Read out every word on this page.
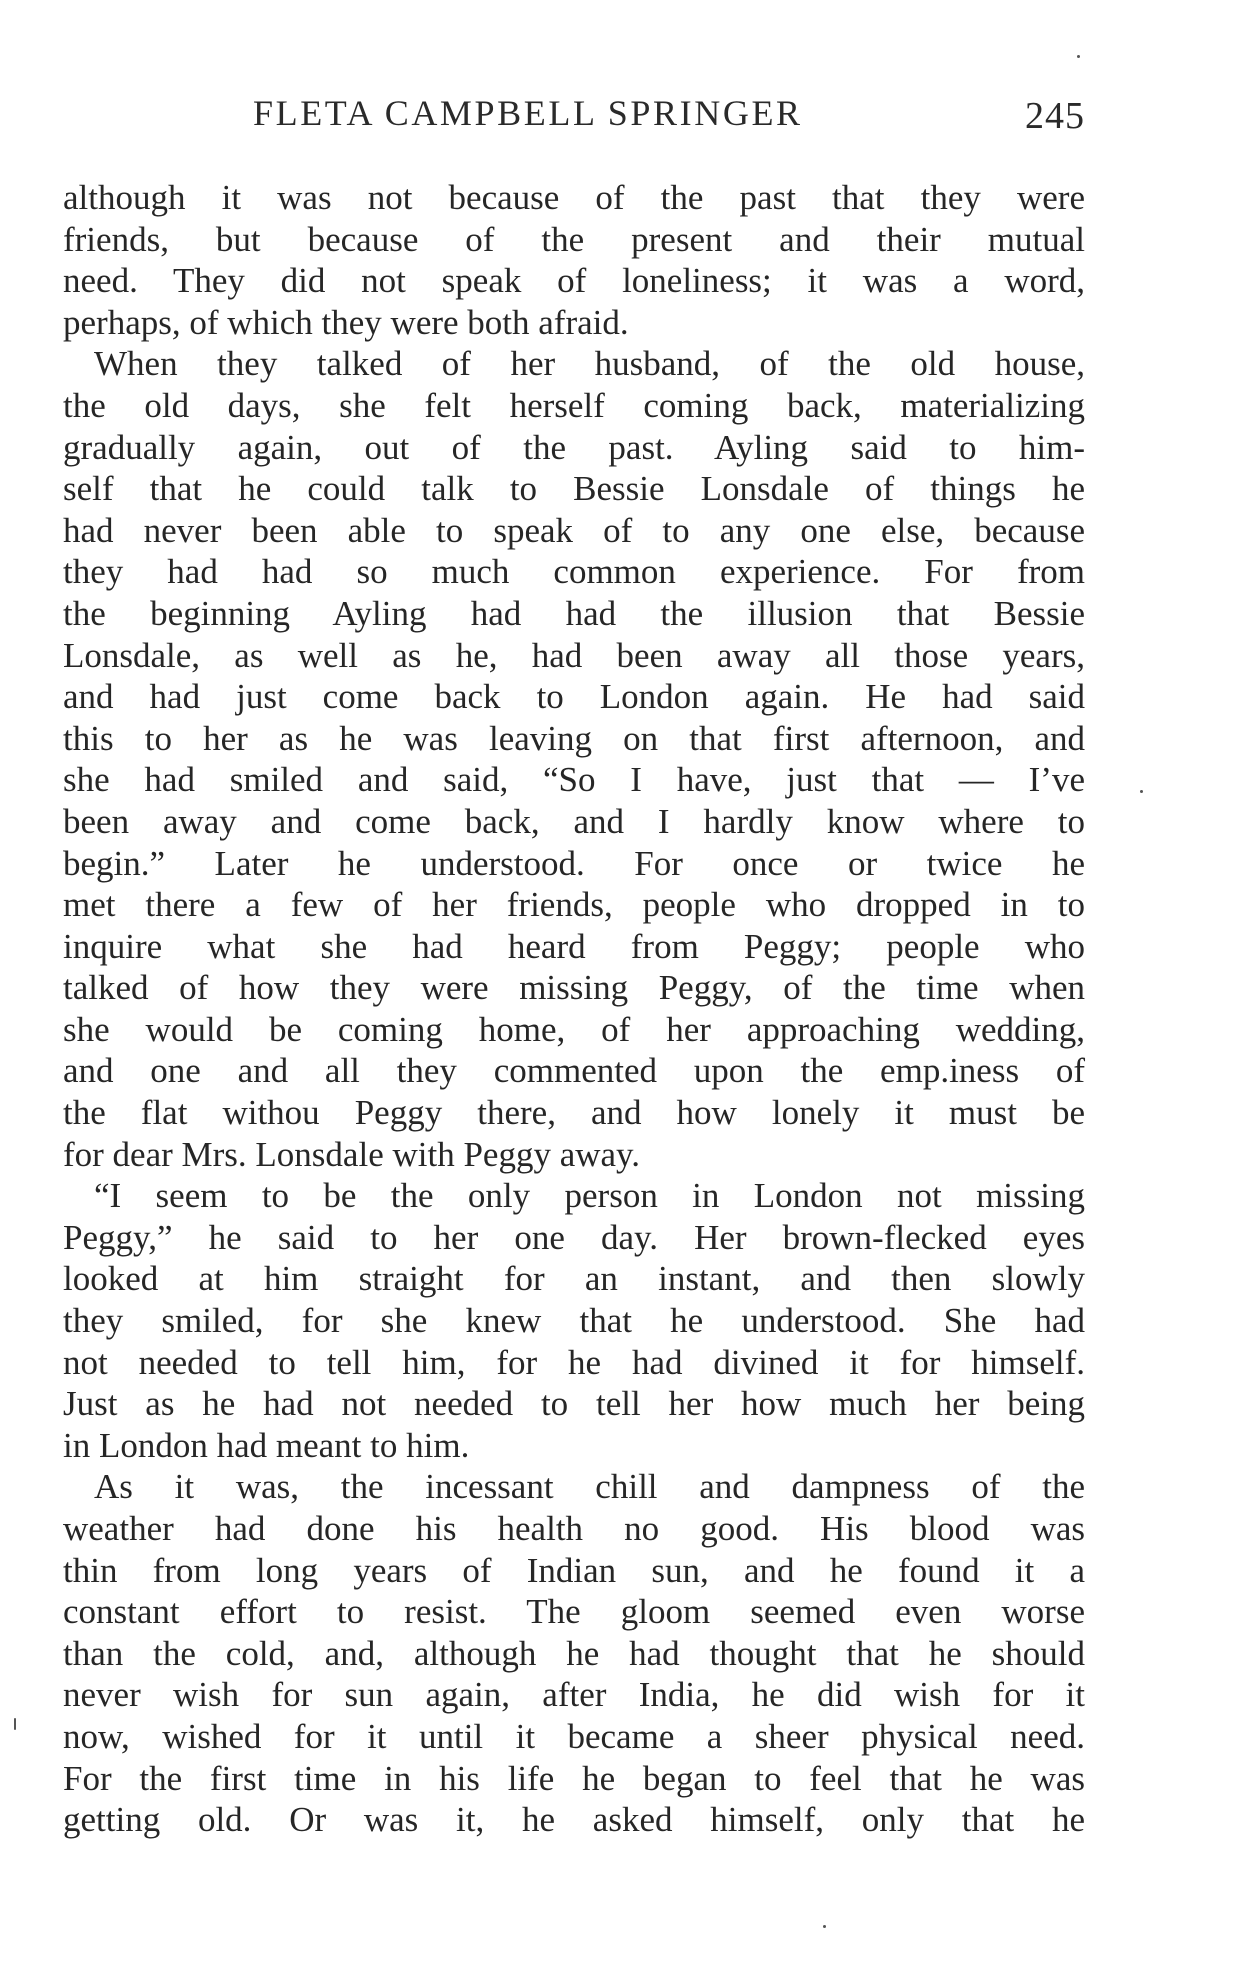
FLETA CAMPBELL SPRINGER	245
although it was not because of the past that they were
friends, but because of the present and their mutual
need. They did not speak of loneliness; it was a word,
perhaps, of which they were both afraid.
When they talked of her husband, of the old house,
the old days, she felt herself coming back, materializing
gradually again, out of the past. Ayling said to him-
self that he could talk to Bessie Lonsdale of things he
had never been able to speak of to any one else, because
they had had so much common experience. For from
the beginning Ayling had had the illusion that Bessie
Lonsdale, as well as he, had been away all those years,
and had just come back to London again. He had said
this to her as he was leaving on that first afternoon, and
she had smiled and said, “So I have, just that — I’ve
been away and come back, and I hardly know where to
begin.” Later he understood. For once or twice he
met there a few of her friends, people who dropped in to
inquire what she had heard from Peggy; people who
talked of how they were missing Peggy, of the time when
she would be coming home, of her approaching wedding,
and one and all they commented upon the emp.iness of
the flat withou Peggy there, and how lonely it must be
for dear Mrs. Lonsdale with Peggy away.
“I seem to be the only person in London not missing
Peggy,” he said to her one day. Her brown-flecked eyes
looked at him straight for an instant, and then slowly
they smiled, for she knew that he understood. She had
not needed to tell him, for he had divined it for himself.
Just as he had not needed to tell her how much her being
in London had meant to him.
As it was, the incessant chill and dampness of the
weather had done his health no good. His blood was
thin from long years of Indian sun, and he found it a
constant effort to resist. The gloom seemed even worse
than the cold, and, although he had thought that he should
never wish for sun again, after India, he did wish for it
now, wished for it until it became a sheer physical need.
For the first time in his life he began to feel that he was
getting old. Or was it, he asked himself, only that he
